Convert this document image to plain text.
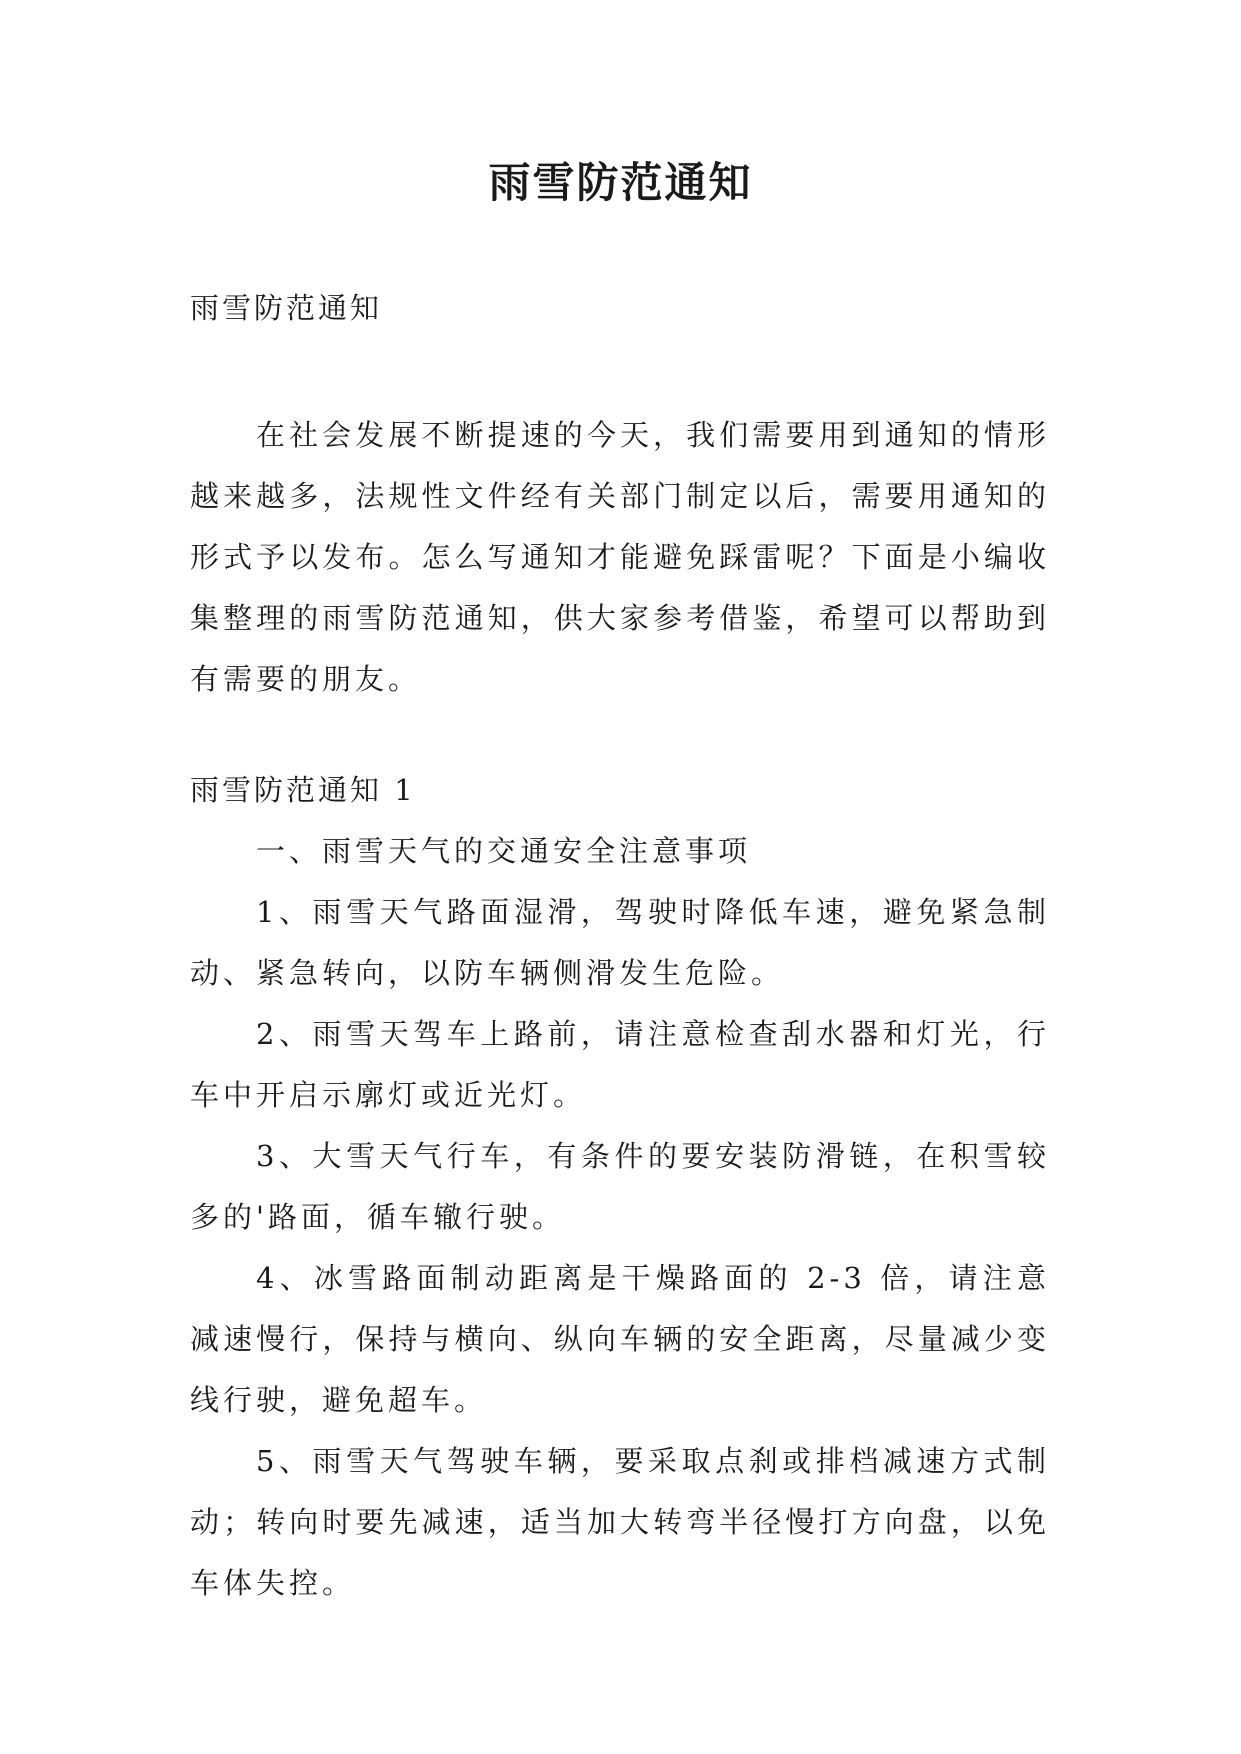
雨雪防范通知

雨雪防范通知

在社会发展不断提速的今天，我们需要用到通知的情形越来越多，法规性文件经有关部门制定以后，需要用通知的形式予以发布。怎么写通知才能避免踩雷呢？下面是小编收集整理的雨雪防范通知，供大家参考借鉴，希望可以帮助到有需要的朋友。

雨雪防范通知 1

一、雨雪天气的交通安全注意事项

1、雨雪天气路面湿滑，驾驶时降低车速，避免紧急制动、紧急转向，以防车辆侧滑发生危险。

2、雨雪天驾车上路前，请注意检查刮水器和灯光，行车中开启示廓灯或近光灯。

3、大雪天气行车，有条件的要安装防滑链，在积雪较多的'路面，循车辙行驶。

4、冰雪路面制动距离是干燥路面的 2-3 倍，请注意减速慢行，保持与横向、纵向车辆的安全距离，尽量减少变线行驶，避免超车。

5、雨雪天气驾驶车辆，要采取点刹或排档减速方式制动；转向时要先减速，适当加大转弯半径慢打方向盘，以免车体失控。
